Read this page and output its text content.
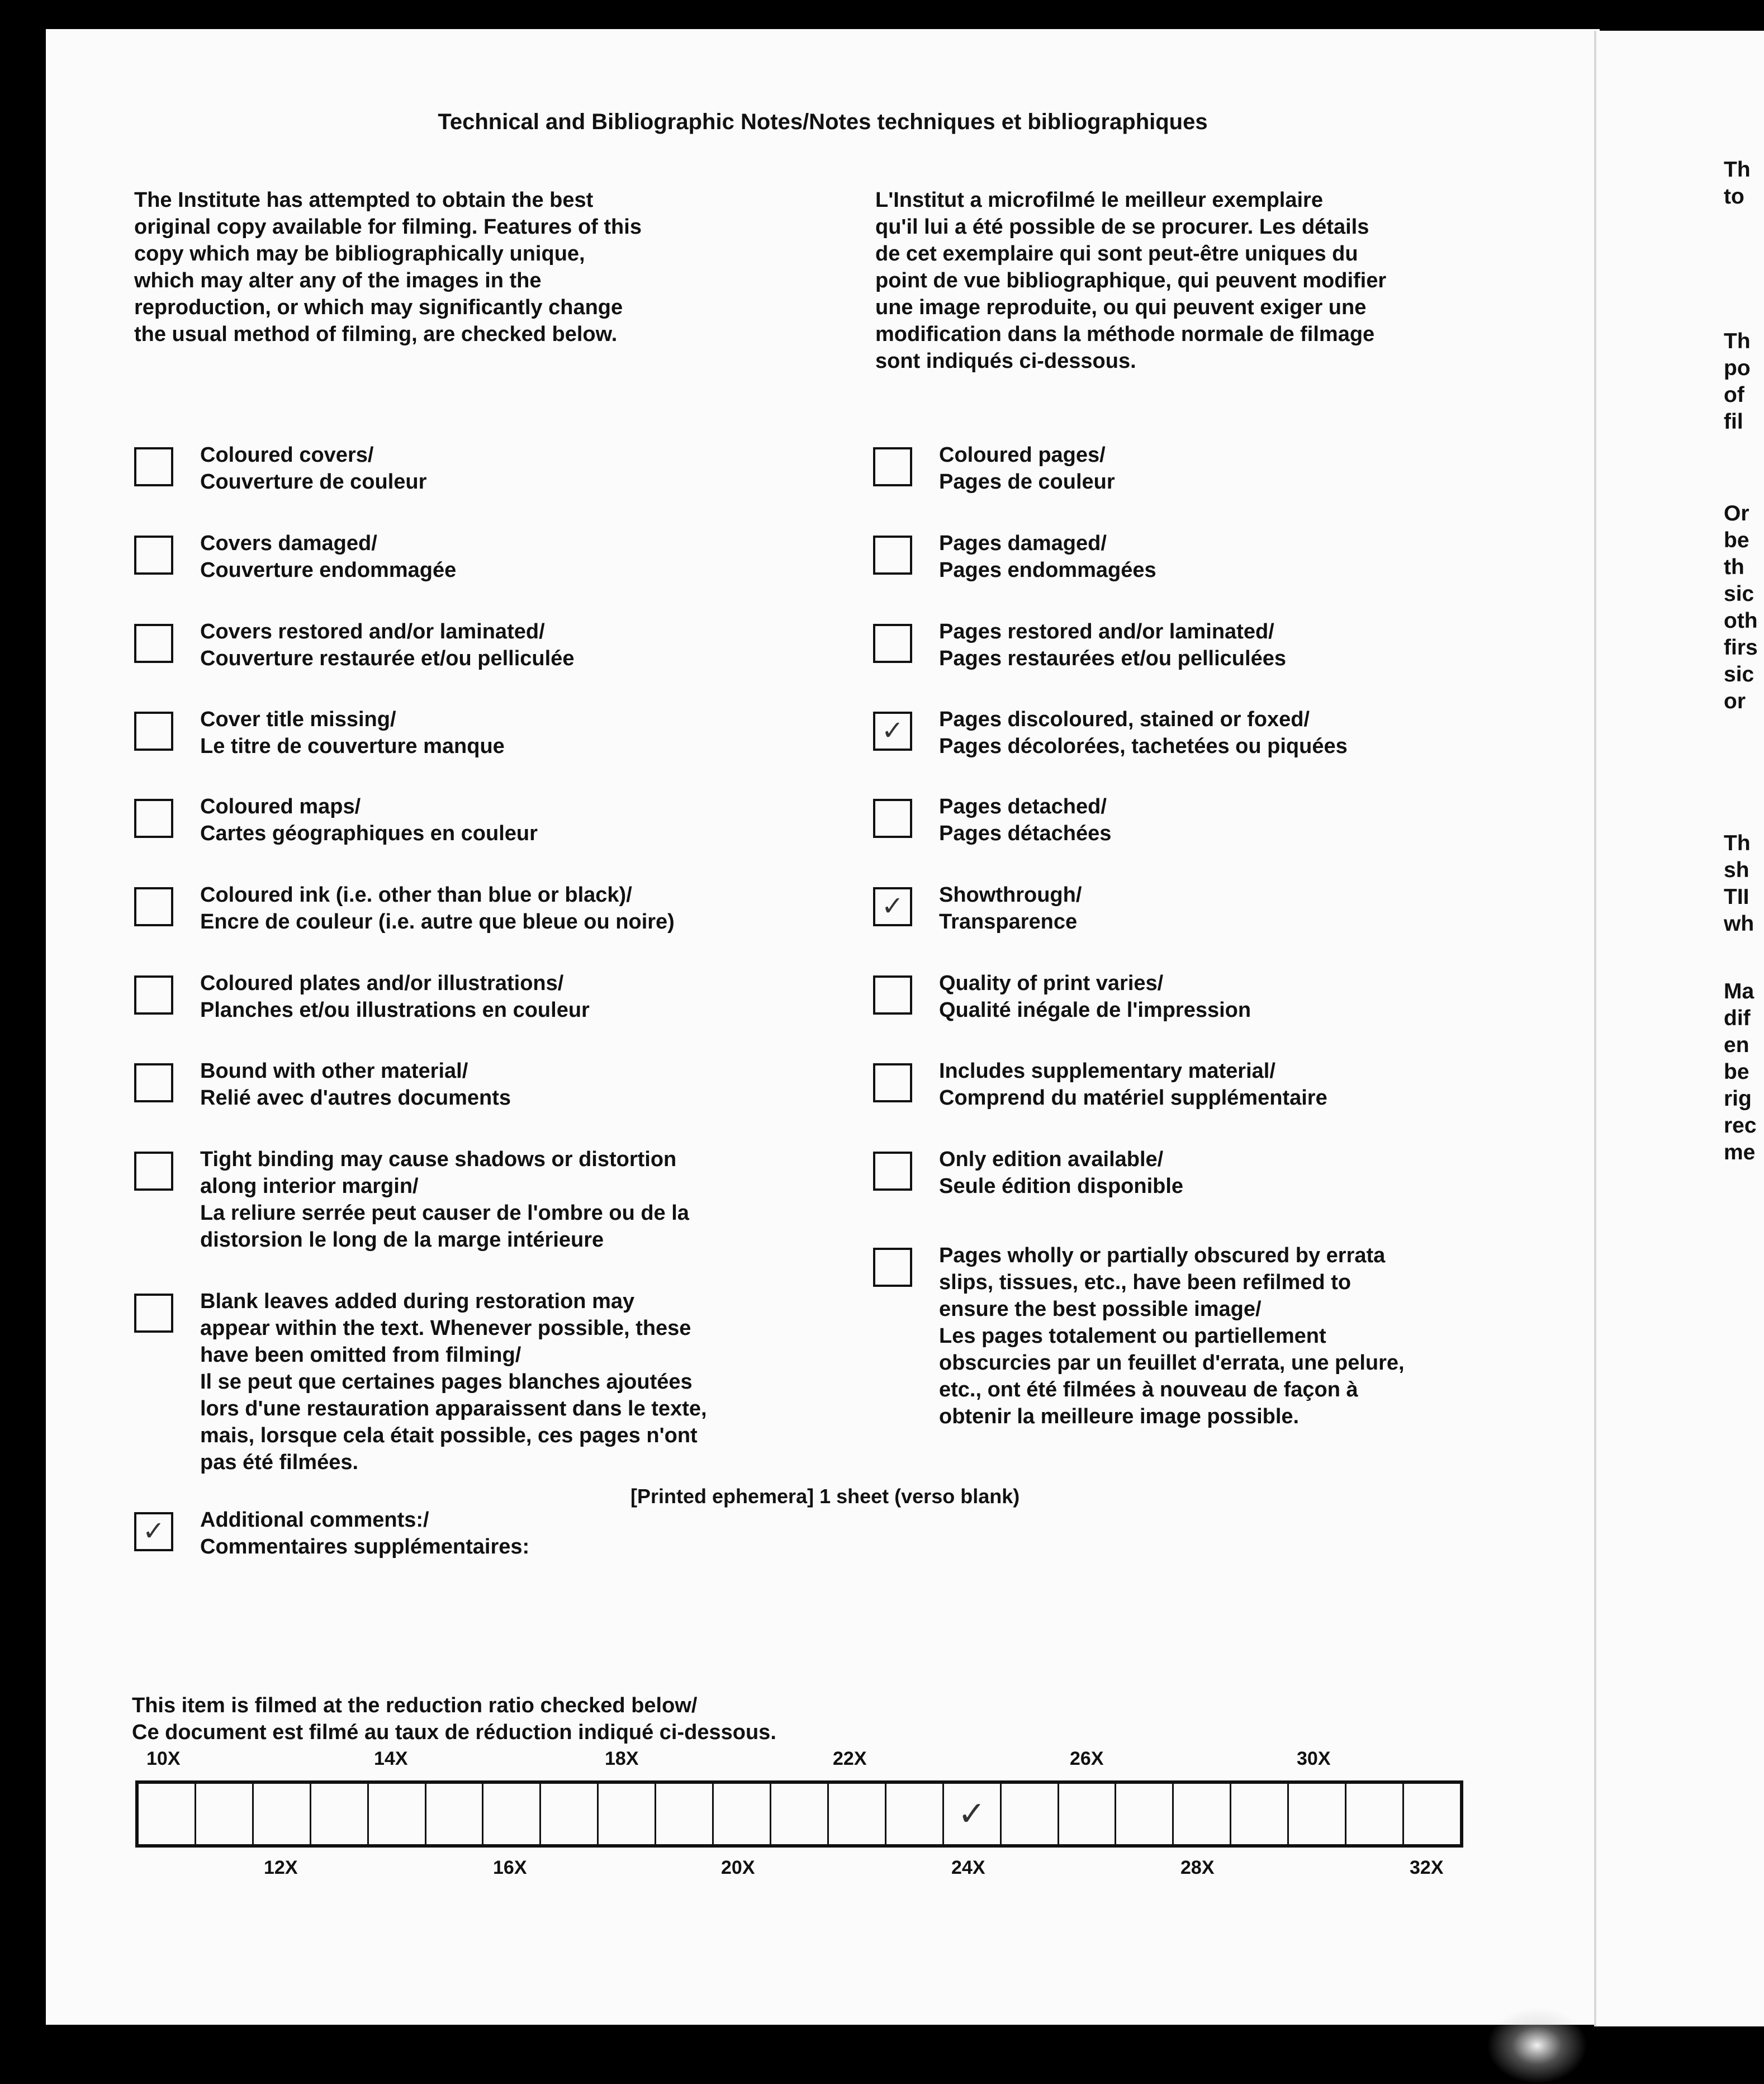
Technical and Bibliographic Notes/Notes techniques et bibliographiques
The Institute has attempted to obtain the best
original copy available for filming. Features of this
copy which may be bibliographically unique,
which may alter any of the images in the
reproduction, or which may significantly change
the usual method of filming, are checked below.
L'Institut a microfilmé le meilleur exemplaire
qu'il lui a été possible de se procurer. Les détails
de cet exemplaire qui sont peut-être uniques du
point de vue bibliographique, qui peuvent modifier
une image reproduite, ou qui peuvent exiger une
modification dans la méthode normale de filmage
sont indiqués ci-dessous.
Coloured covers/
Couverture de couleur
Covers damaged/
Couverture endommagée
Covers restored and/or laminated/
Couverture restaurée et/ou pelliculée
Cover title missing/
Le titre de couverture manque
Coloured maps/
Cartes géographiques en couleur
Coloured ink (i.e. other than blue or black)/
Encre de couleur (i.e. autre que bleue ou noire)
Coloured plates and/or illustrations/
Planches et/ou illustrations en couleur
Bound with other material/
Relié avec d'autres documents
Tight binding may cause shadows or distortion
along interior margin/
La reliure serrée peut causer de l'ombre ou de la
distorsion le long de la marge intérieure
Blank leaves added during restoration may
appear within the text. Whenever possible, these
have been omitted from filming/
Il se peut que certaines pages blanches ajoutées
lors d'une restauration apparaissent dans le texte,
mais, lorsque cela était possible, ces pages n'ont
pas été filmées.
✓	Additional comments:/
Commentaires supplémentaires:
Coloured pages/
Pages de couleur
Pages damaged/
Pages endommagées
Pages restored and/or laminated/
Pages restaurées et/ou pelliculées
✓	Pages discoloured, stained or foxed/
Pages décolorées, tachetées ou piquées
Pages detached/
Pages détachées
✓	Showthrough/
Transparence
Quality of print varies/
Qualité inégale de l'impression
Includes supplementary material/
Comprend du matériel supplémentaire
Only edition available/
Seule édition disponible
Pages wholly or partially obscured by errata
slips, tissues, etc., have been refilmed to
ensure the best possible image/
Les pages totalement ou partiellement
obscurcies par un feuillet d'errata, une pelure,
etc., ont été filmées à nouveau de façon à
obtenir la meilleure image possible.
[Printed ephemera] 1 sheet (verso blank)
This item is filmed at the reduction ratio checked below/
Ce document est filmé au taux de réduction indiqué ci-dessous.
10X	14X	18X	22X	26X	30X
12X	16X	20X	24X	28X	32X
✓
Th
to
Th
po
of
fil
Or
be
th
sic
oth
firs
sic
or
Th
sh
TII
wh
Ma
dif
en
be
rig
rec
me
